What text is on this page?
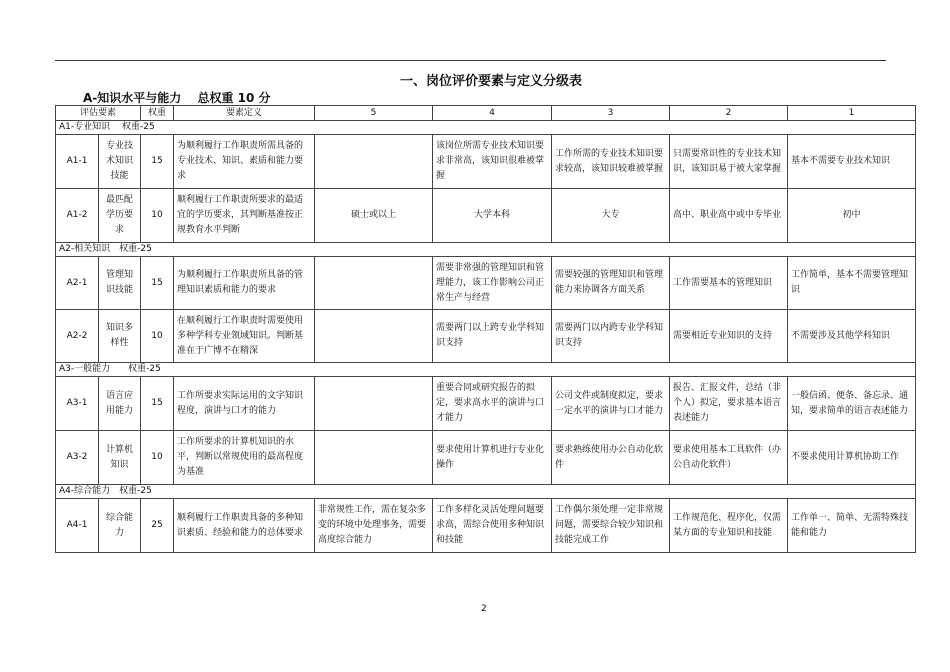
一、岗位评价要素与定义分级表
A-知识水平与能力　 总权重 10 分
评估要素		权重	要素定义	5	4	3	2	1
A1-专业知识　 权重-25								
A1-1	专业技术知识技能	15	为顺利履行工作职责所需具备的专业技术、知识、素质和能力要求		该岗位所需专业技术知识要求非常高，该知识很难被掌握	工作所需的专业技术知识要求较高，该知识较难被掌握	只需要常识性的专业技术知识，该知识易于被大家掌握	基本不需要专业技术知识
A1-2	最匹配学历要求	10	顺利履行工作职责所要求的最适宜的学历要求，其判断基准按正规教育水平判断	硕士或以上	大学本科	大专	高中、职业高中或中专毕业	初中
A2-相关知识　权重-25								
A2-1	管理知识技能	15	为顺利履行工作职责所具备的管理知识素质和能力的要求		需要非常强的管理知识和管理能力，该工作影响公司正常生产与经营	需要较强的管理知识和管理能力来协调各方面关系	工作需要基本的管理知识	工作简单，基本不需要管理知识
A2-2	知识多样性	10	在顺利履行工作职责时需要使用多种学科专业领域知识。判断基准在于广博不在精深		需要两门以上跨专业学科知识支持	需要两门以内跨专业学科知识支持	需要相近专业知识的支持	不需要涉及其他学科知识
A3-一般能力　　权重-25								
A3-1	语言应用能力	15	工作所要求实际运用的文字知识程度，演讲与口才的能力		重要合同或研究报告的拟定，要求高水平的演讲与口才能力	公司文件或制度拟定，要求一定水平的演讲与口才能力	报告、汇报文件，总结（非个人）拟定，要求基本语言表述能力	一般信函、便条、备忘录、通知，要求简单的语言表述能力
A3-2	计算机知识	10	工作所要求的计算机知识的水平，判断以常规使用的最高程度为基准		要求使用计算机进行专业化操作	要求熟练使用办公自动化软件	要求使用基本工具软件（办公自动化软件）	不要求使用计算机协助工作
A4-综合能力　权重-25								
A4-1	综合能力	25	顺利履行工作职责具备的多种知识素质、经验和能力的总体要求	非常规性工作，需在复杂多变的环境中处理事务，需要高度综合能力	工作多样化灵活处理问题要求高，需综合使用多种知识和技能	工作偶尔须处理一定非常规问题，需要综合较少知识和技能完成工作	工作规范化、程序化，仅需某方面的专业知识和技能	工作单一、简单、无需特殊技能和能力
2
